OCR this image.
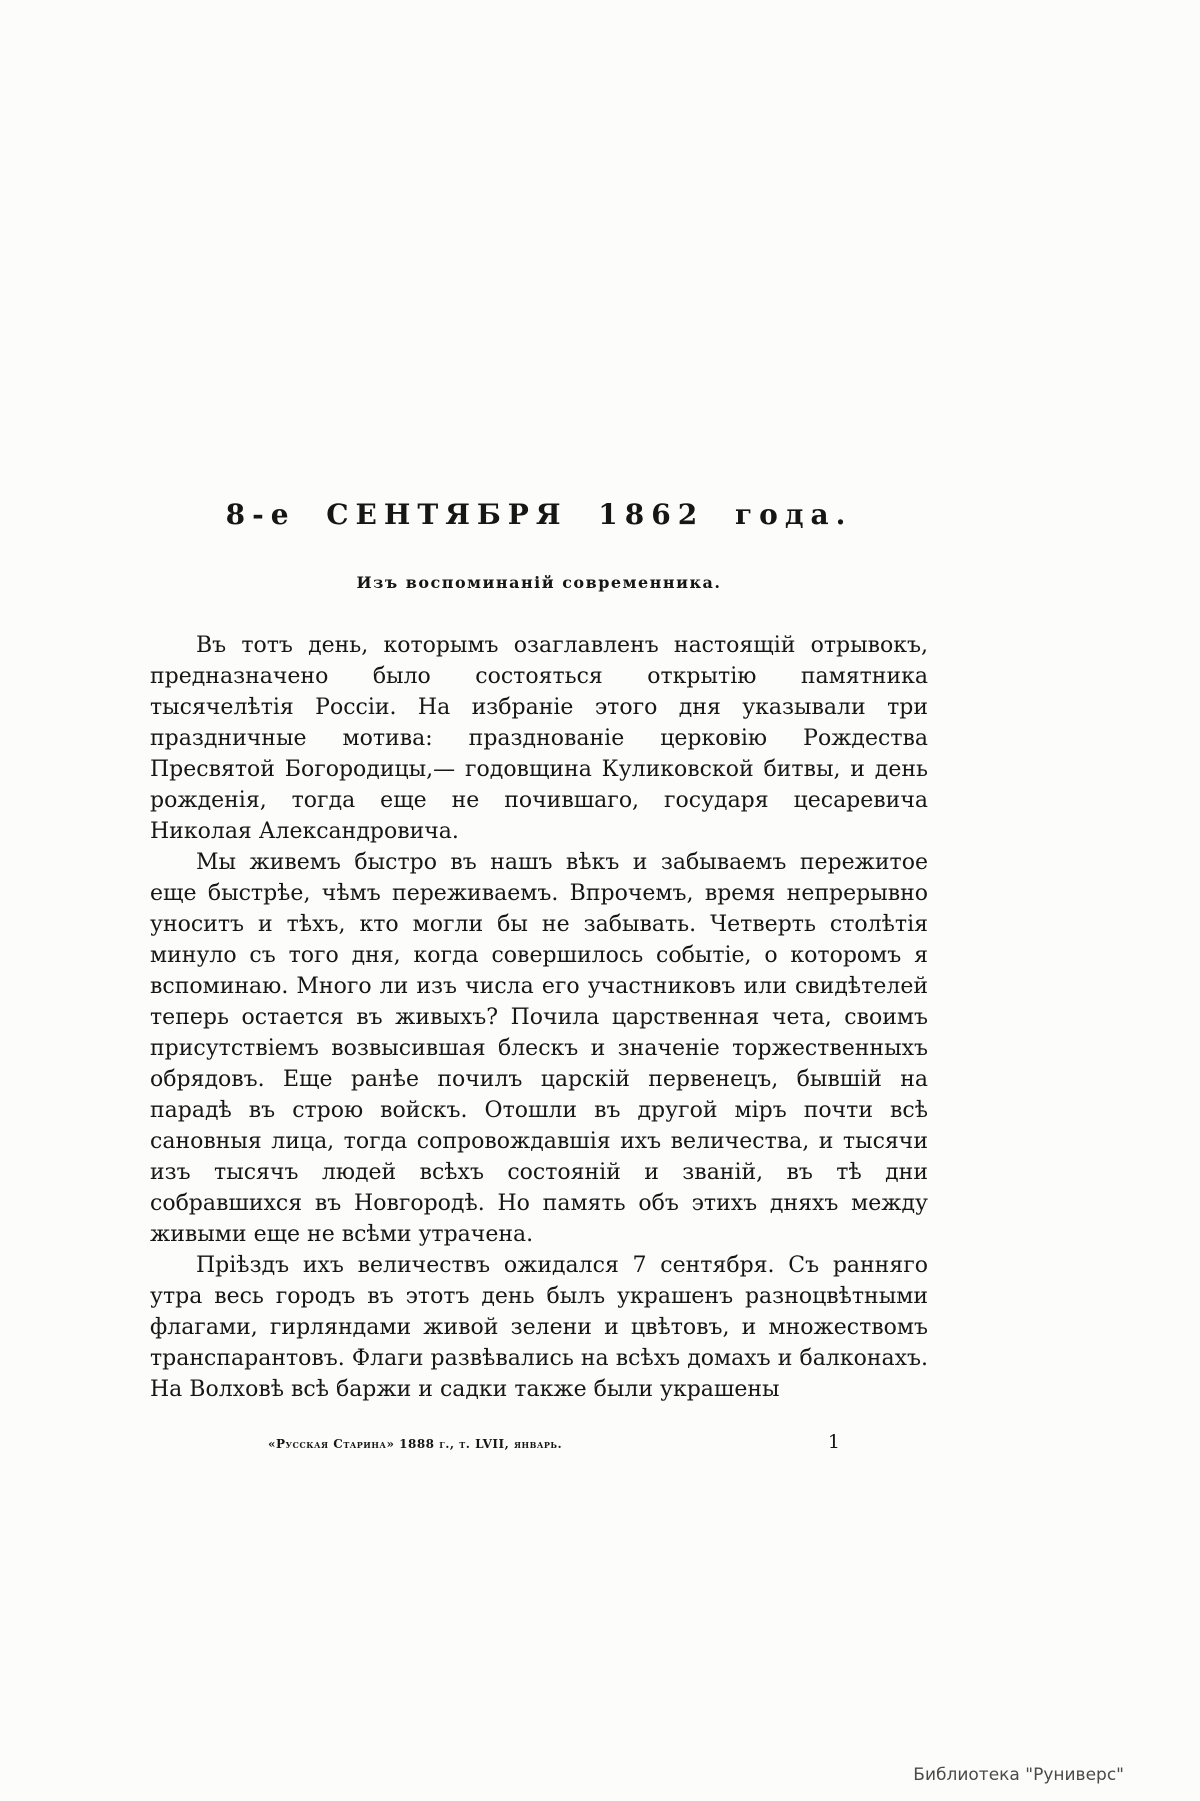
8-е СЕНТЯБРЯ 1862 года.
Изъ воспоминаній современника.

Въ тотъ день, которымъ озаглавленъ настоящій отрывокъ, предназначено было состояться открытію памятника тысячелѣтія Россіи. На избраніе этого дня указывали три праздничные мотива: празднованіе церковію Рождества Пресвятой Богородицы,— годовщина Куликовской битвы, и день рожденія, тогда еще не почившаго, государя цесаревича Николая Александровича.

Мы живемъ быстро въ нашъ вѣкъ и забываемъ пережитое еще быстрѣе, чѣмъ переживаемъ. Впрочемъ, время непрерывно уноситъ и тѣхъ, кто могли бы не забывать. Четверть столѣтія минуло съ того дня, когда совершилось событіе, о которомъ я вспоминаю. Много ли изъ числа его участниковъ или свидѣтелей теперь остается въ живыхъ? Почила царственная чета, своимъ присутствіемъ возвысившая блескъ и значеніе торжественныхъ обрядовъ. Еще ранѣе почилъ царскій первенецъ, бывшій на парадѣ въ строю войскъ. Отошли въ другой міръ почти всѣ сановныя лица, тогда сопровождавшія ихъ величества, и тысячи изъ тысячъ людей всѣхъ состояній и званій, въ тѣ дни собравшихся въ Новгородѣ. Но память объ этихъ дняхъ между живыми еще не всѣми утрачена.

Пріѣздъ ихъ величествъ ожидался 7 сентября. Съ ранняго утра весь городъ въ этотъ день былъ украшенъ разноцвѣтными флагами, гирляндами живой зелени и цвѣтовъ, и множествомъ транспарантовъ. Флаги развѣвались на всѣхъ домахъ и балконахъ. На Волховѣ всѣ баржи и садки также были украшены

«Русская Старина» 1888 г., т. LVII, январь.	1
Библиотека "Руниверс"
